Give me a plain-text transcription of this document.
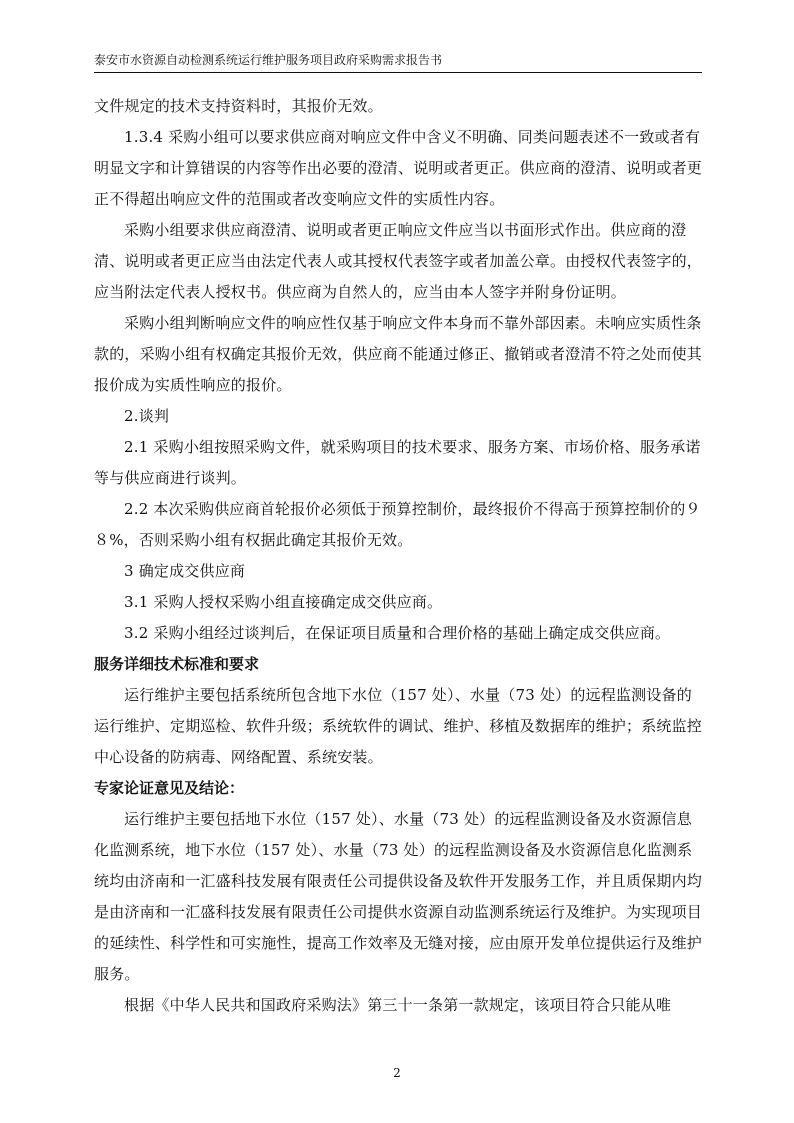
泰安市水资源自动检测系统运行维护服务项目政府采购需求报告书

文件规定的技术支持资料时，其报价无效。

1.3.4 采购小组可以要求供应商对响应文件中含义不明确、同类问题表述不一致或者有明显文字和计算错误的内容等作出必要的澄清、说明或者更正。供应商的澄清、说明或者更正不得超出响应文件的范围或者改变响应文件的实质性内容。

采购小组要求供应商澄清、说明或者更正响应文件应当以书面形式作出。供应商的澄清、说明或者更正应当由法定代表人或其授权代表签字或者加盖公章。由授权代表签字的，应当附法定代表人授权书。供应商为自然人的，应当由本人签字并附身份证明。

采购小组判断响应文件的响应性仅基于响应文件本身而不靠外部因素。未响应实质性条款的，采购小组有权确定其报价无效，供应商不能通过修正、撤销或者澄清不符之处而使其报价成为实质性响应的报价。

2.谈判

2.1 采购小组按照采购文件，就采购项目的技术要求、服务方案、市场价格、服务承诺等与供应商进行谈判。

2.2 本次采购供应商首轮报价必须低于预算控制价，最终报价不得高于预算控制价的９８%，否则采购小组有权据此确定其报价无效。

3 确定成交供应商

3.1 采购人授权采购小组直接确定成交供应商。

3.2 采购小组经过谈判后，在保证项目质量和合理价格的基础上确定成交供应商。

服务详细技术标准和要求

运行维护主要包括系统所包含地下水位（157 处）、水量（73 处）的远程监测设备的运行维护、定期巡检、软件升级；系统软件的调试、维护、移植及数据库的维护；系统监控中心设备的防病毒、网络配置、系统安装。

专家论证意见及结论：

运行维护主要包括地下水位（157 处）、水量（73 处）的远程监测设备及水资源信息化监测系统，地下水位（157 处）、水量（73 处）的远程监测设备及水资源信息化监测系统均由济南和一汇盛科技发展有限责任公司提供设备及软件开发服务工作，并且质保期内均是由济南和一汇盛科技发展有限责任公司提供水资源自动监测系统运行及维护。为实现项目的延续性、科学性和可实施性，提高工作效率及无缝对接，应由原开发单位提供运行及维护服务。

根据《中华人民共和国政府采购法》第三十一条第一款规定，该项目符合只能从唯

2
